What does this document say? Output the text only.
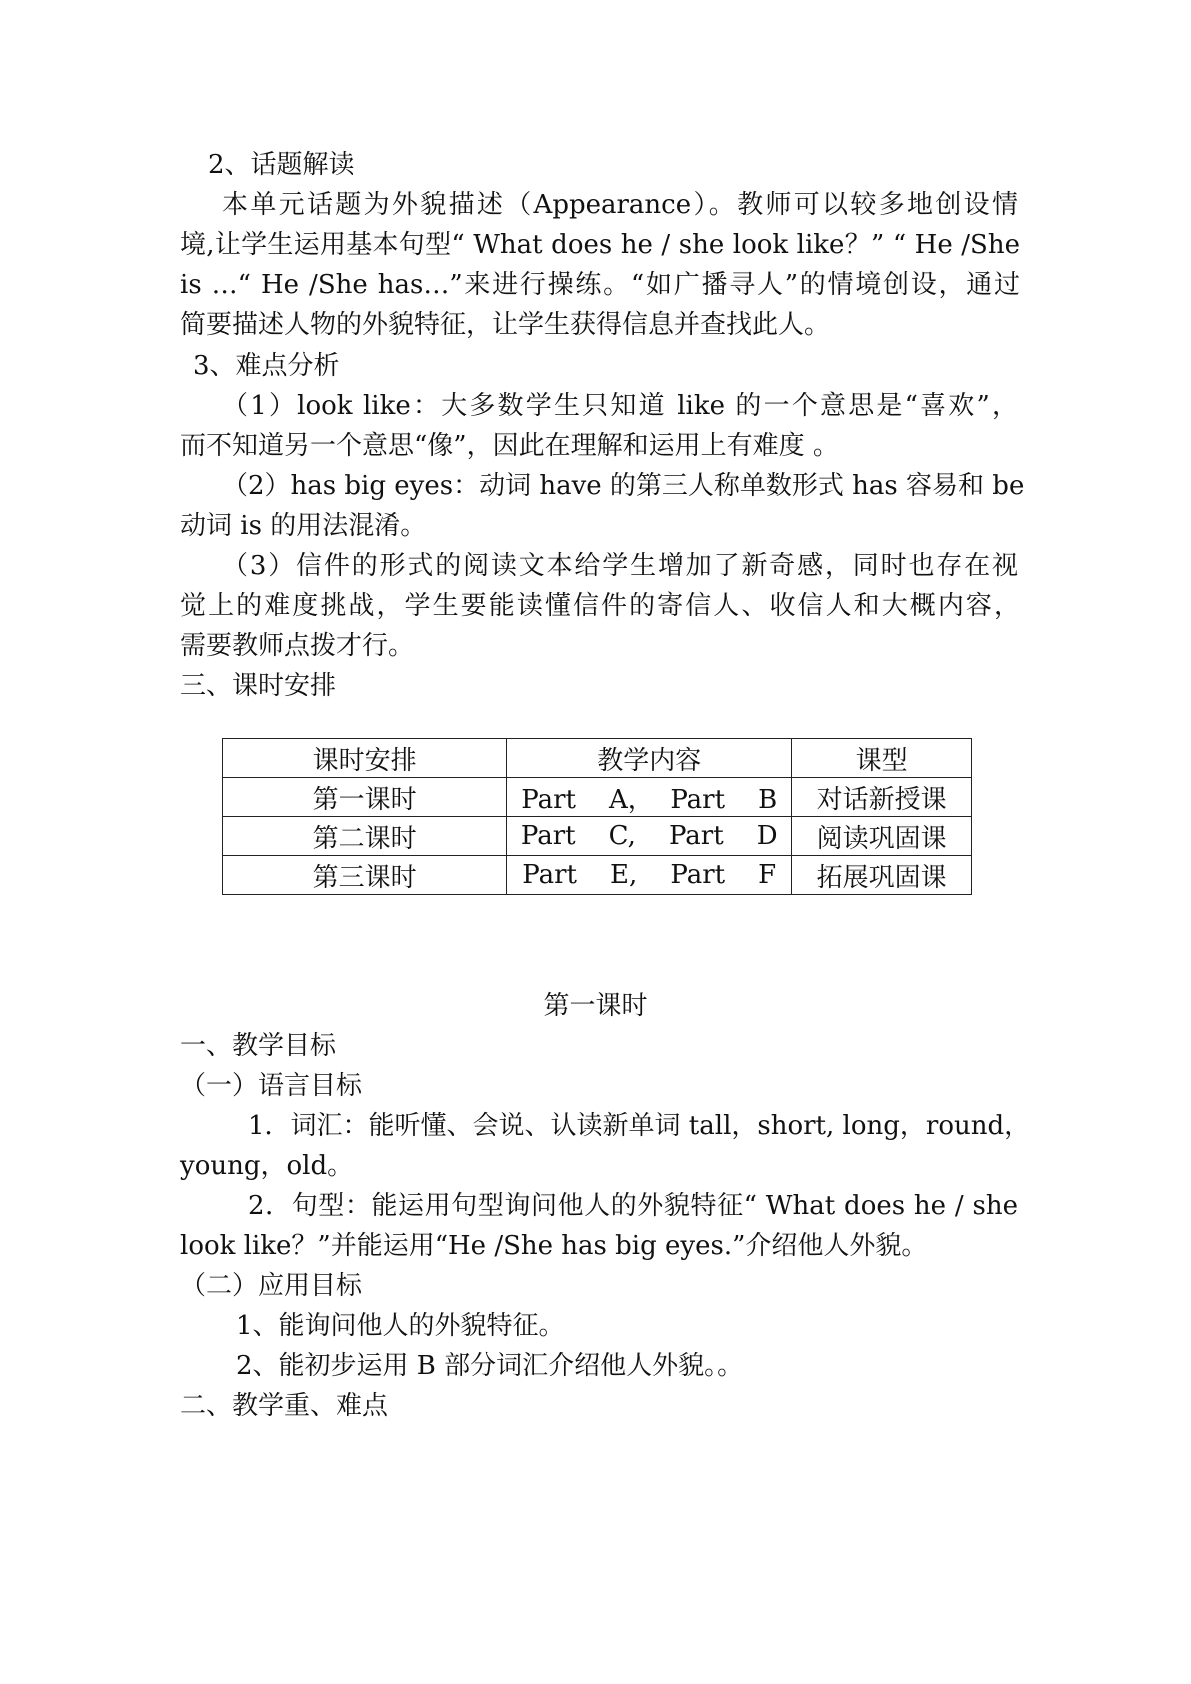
2、话题解读
本单元话题为外貌描述（Appearance）。教师可以较多地创设情
境,让学生运用基本句型“ What does he / she look like？” “ He /She
is …“ He /She has…”来进行操练。“如广播寻人”的情境创设，通过
简要描述人物的外貌特征，让学生获得信息并查找此人。
3、难点分析
（1）look like：大多数学生只知道 like 的一个意思是“喜欢”，
而不知道另一个意思“像”，因此在理解和运用上有难度 。
（2）has big eyes：动词 have 的第三人称单数形式 has 容易和 be
动词 is 的用法混淆。
（3）信件的形式的阅读文本给学生增加了新奇感，同时也存在视
觉上的难度挑战，学生要能读懂信件的寄信人、收信人和大概内容，
需要教师点拨才行。
三、课时安排
课时安排	教学内容	课型
第一课时	Part    A，  Part    B	对话新授课
第二课时	Part    C,    Part    D	阅读巩固课
第三课时	Part    E,    Part    F	拓展巩固课
第一课时
一、教学目标
（一）语言目标
1．词汇：能听懂、会说、认读新单词 tall，short, long，round，
young，old。
2．句型：能运用句型询问他人的外貌特征“ What does he / she
look like？”并能运用“He /She has big eyes.”介绍他人外貌。
（二）应用目标
1、能询问他人的外貌特征。
2、能初步运用 B 部分词汇介绍他人外貌。。
二、教学重、难点
